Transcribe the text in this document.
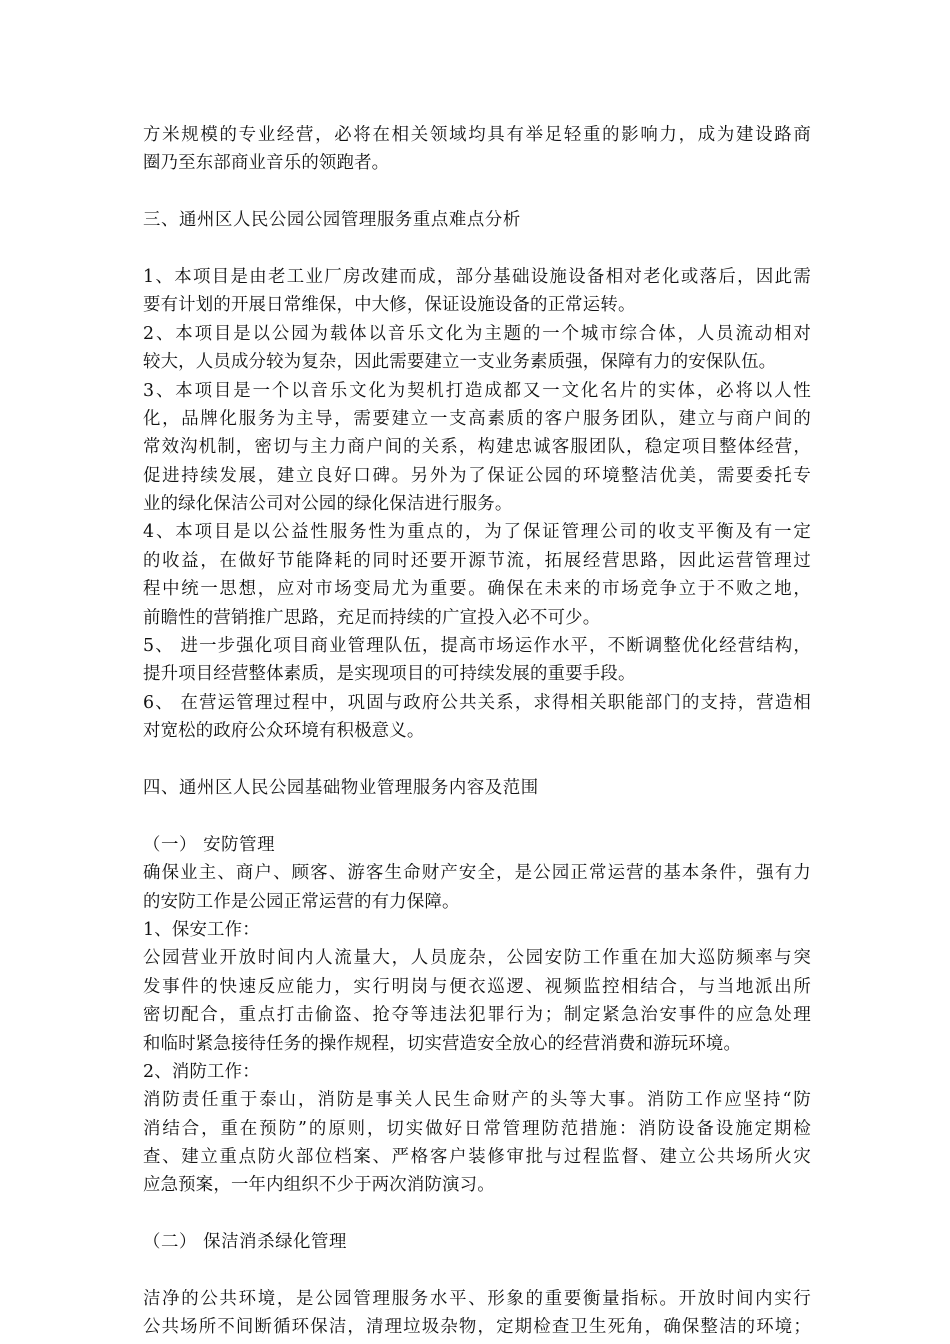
方米规模的专业经营，必将在相关领域均具有举足轻重的影响力，成为建设路商
圈乃至东部商业音乐的领跑者。
三、通州区人民公园公园管理服务重点难点分析
1、本项目是由老工业厂房改建而成，部分基础设施设备相对老化或落后，因此需
要有计划的开展日常维保，中大修，保证设施设备的正常运转。
2、本项目是以公园为载体以音乐文化为主题的一个城市综合体，人员流动相对
较大，人员成分较为复杂，因此需要建立一支业务素质强，保障有力的安保队伍。
3、本项目是一个以音乐文化为契机打造成都又一文化名片的实体，必将以人性
化，品牌化服务为主导，需要建立一支高素质的客户服务团队，建立与商户间的
常效沟机制，密切与主力商户间的关系，构建忠诚客服团队，稳定项目整体经营，
促进持续发展，建立良好口碑。另外为了保证公园的环境整洁优美，需要委托专
业的绿化保洁公司对公园的绿化保洁进行服务。
4、本项目是以公益性服务性为重点的，为了保证管理公司的收支平衡及有一定
的收益，在做好节能降耗的同时还要开源节流，拓展经营思路，因此运营管理过
程中统一思想，应对市场变局尤为重要。确保在未来的市场竞争立于不败之地，
前瞻性的营销推广思路，充足而持续的广宣投入必不可少。
5、 进一步强化项目商业管理队伍，提高市场运作水平，不断调整优化经营结构，
提升项目经营整体素质，是实现项目的可持续发展的重要手段。
6、 在营运管理过程中，巩固与政府公共关系，求得相关职能部门的支持，营造相
对宽松的政府公众环境有积极意义。
四、通州区人民公园基础物业管理服务内容及范围
（一） 安防管理
确保业主、商户、顾客、游客生命财产安全，是公园正常运营的基本条件，强有力
的安防工作是公园正常运营的有力保障。
1、保安工作：
公园营业开放时间内人流量大，人员庞杂，公园安防工作重在加大巡防频率与突
发事件的快速反应能力，实行明岗与便衣巡逻、视频监控相结合，与当地派出所
密切配合，重点打击偷盗、抢夺等违法犯罪行为；制定紧急治安事件的应急处理
和临时紧急接待任务的操作规程，切实营造安全放心的经营消费和游玩环境。
2、消防工作：
消防责任重于泰山，消防是事关人民生命财产的头等大事。消防工作应坚持“防
消结合，重在预防”的原则，切实做好日常管理防范措施：消防设备设施定期检
查、建立重点防火部位档案、严格客户装修审批与过程监督、建立公共场所火灾
应急预案，一年内组织不少于两次消防演习。
（二） 保洁消杀绿化管理
洁净的公共环境，是公园管理服务水平、形象的重要衡量指标。开放时间内实行
公共场所不间断循环保洁，清理垃圾杂物，定期检查卫生死角，确保整洁的环境；
